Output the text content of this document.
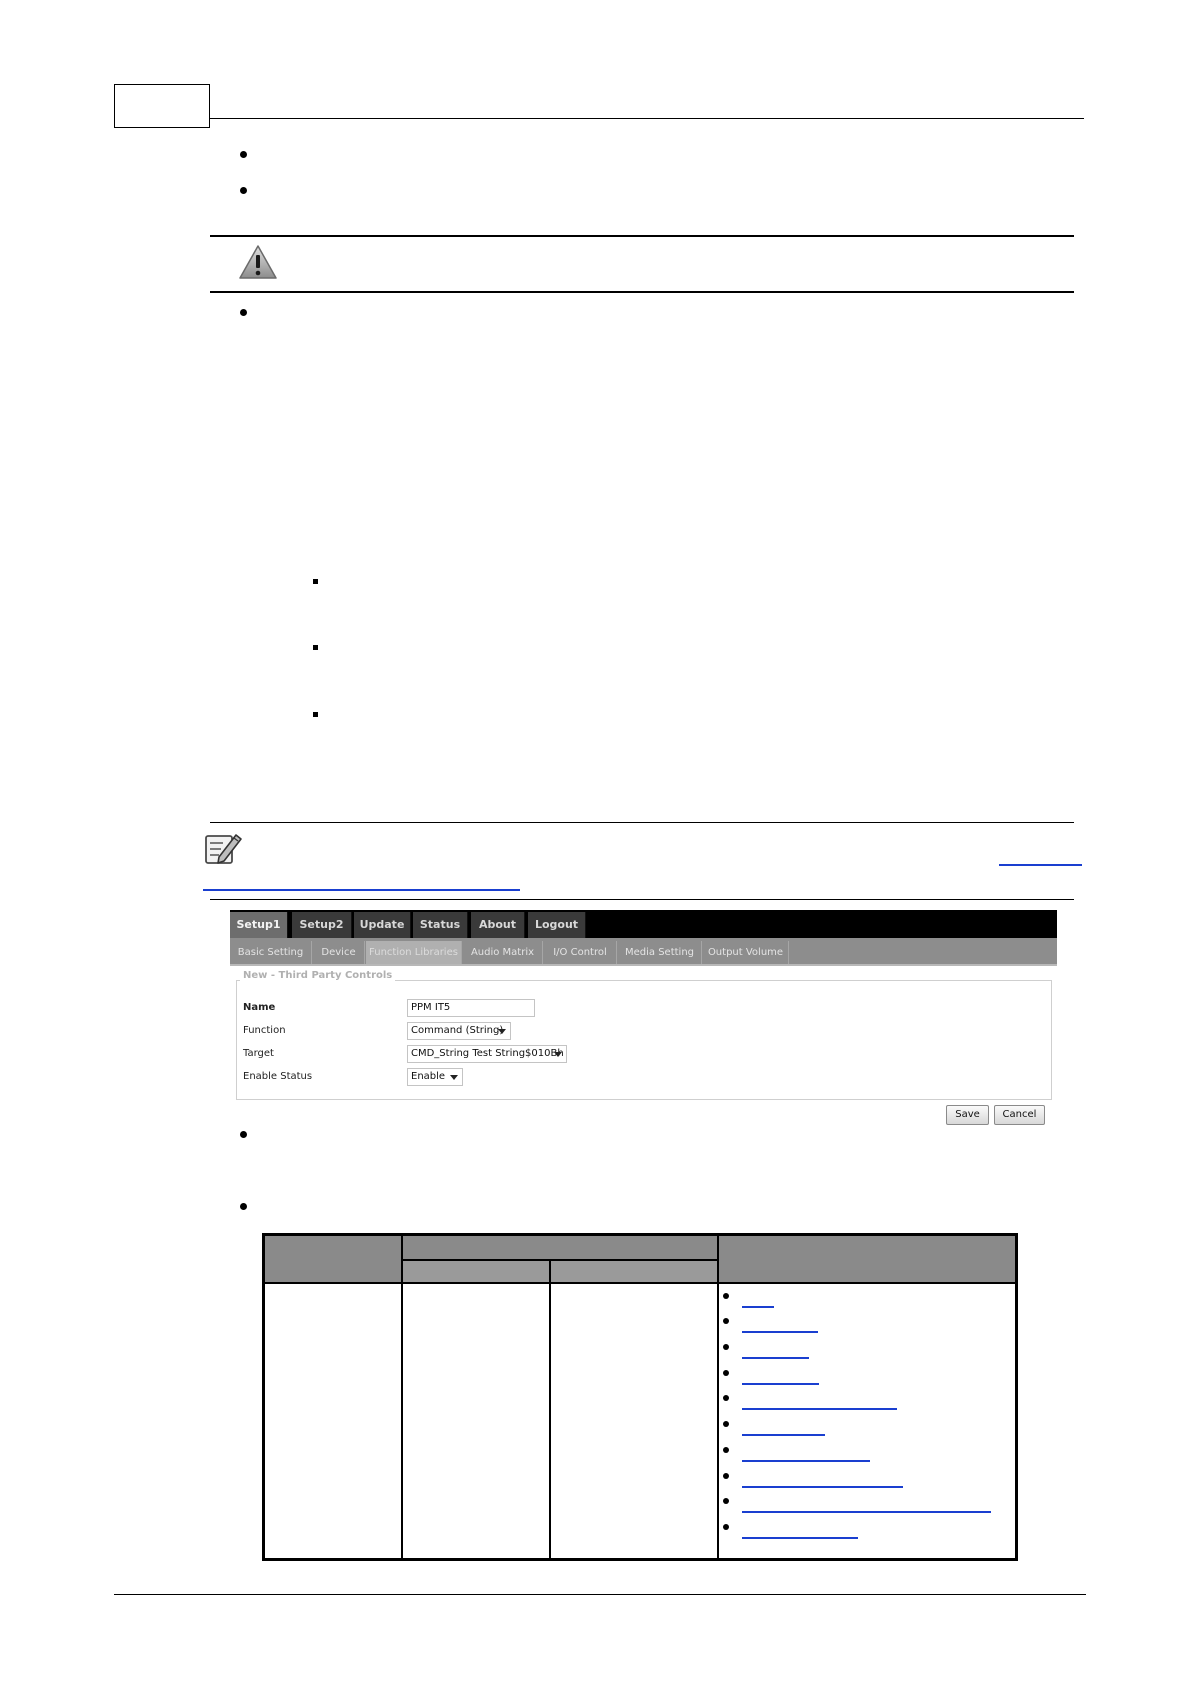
Setup1	Setup2	Update	Status	About	Logout
Basic Setting	Device	Function Libraries	Audio Matrix	I/O Control	Media Setting	Output Volume
New - Third Party Controls
Name	PPM IT5
Function	Command (String)
Target	CMD_String Test String$010Bh
Enable Status	Enable
Save	Cancel
